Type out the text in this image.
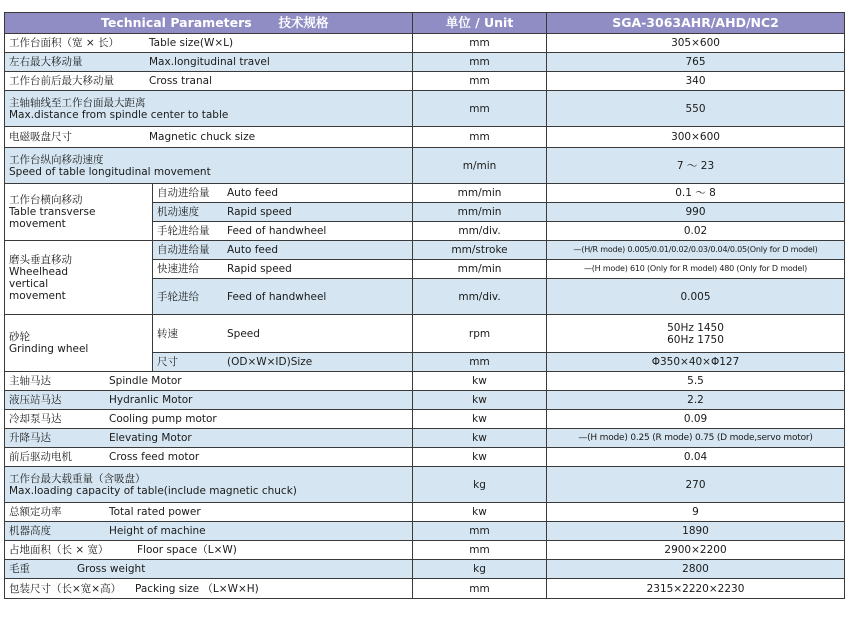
Technical Parameters 技术规格		单位 / Unit	SGA-3063AHR/AHD/NC2
工作台面积（宽 × 长） Table size(W×L)		mm	305×600
左右最大移动量 Max.longitudinal travel		mm	765
工作台前后最大移动量 Cross tranal		mm	340

主轴轴线至工作台面最大距离
Max.distance from spindle center to table		mm	550
电磁吸盘尺寸 Magnetic chuck size		mm	300×600

工作台纵向移动速度
Speed of table longitudinal movement		m/min	7 ～ 23

工作台横向移动
Table transverse
movement	自动进给量 Auto feed	mm/min	0.1 ～ 8
	机动速度 Rapid speed	mm/min	990
	手轮进给量 Feed of handwheel	mm/div.	0.02

磨头垂直移动
Wheelhead
vertical
movement	自动进给量 Auto feed	mm/stroke	—(H/R mode) 0.005/0.01/0.02/0.03/0.04/0.05(Only for D model)
	快速进给 Rapid speed	mm/min	—(H mode) 610 (Only for R model) 480 (Only for D model)
	手轮进给 Feed of handwheel	mm/div.	0.005

砂轮
Grinding wheel	转速 Speed	rpm	50Hz 1450
60Hz 1750

	尺寸 (OD×W×ID)Size	mm	Φ350×40×Φ127
主轴马达 Spindle Motor		kw	5.5
液压站马达 Hydranlic Motor		kw	2.2
冷却泵马达 Cooling pump motor		kw	0.09
升降马达 Elevating Motor		kw	—(H mode) 0.25 (R mode) 0.75 (D mode,servo motor)
前后驱动电机 Cross feed motor		kw	0.04

工作台最大载重量（含吸盘）
Max.loading capacity of table(include magnetic chuck)		kg	270
总额定功率 Total rated power		kw	9
机器高度 Height of machine		mm	1890
占地面积（长 × 宽） Floor space（L×W)		mm	2900×2200
毛重 Gross weight		kg	2800
包装尺寸（长×宽×高） Packing size （L×W×H)		mm	2315×2220×2230
